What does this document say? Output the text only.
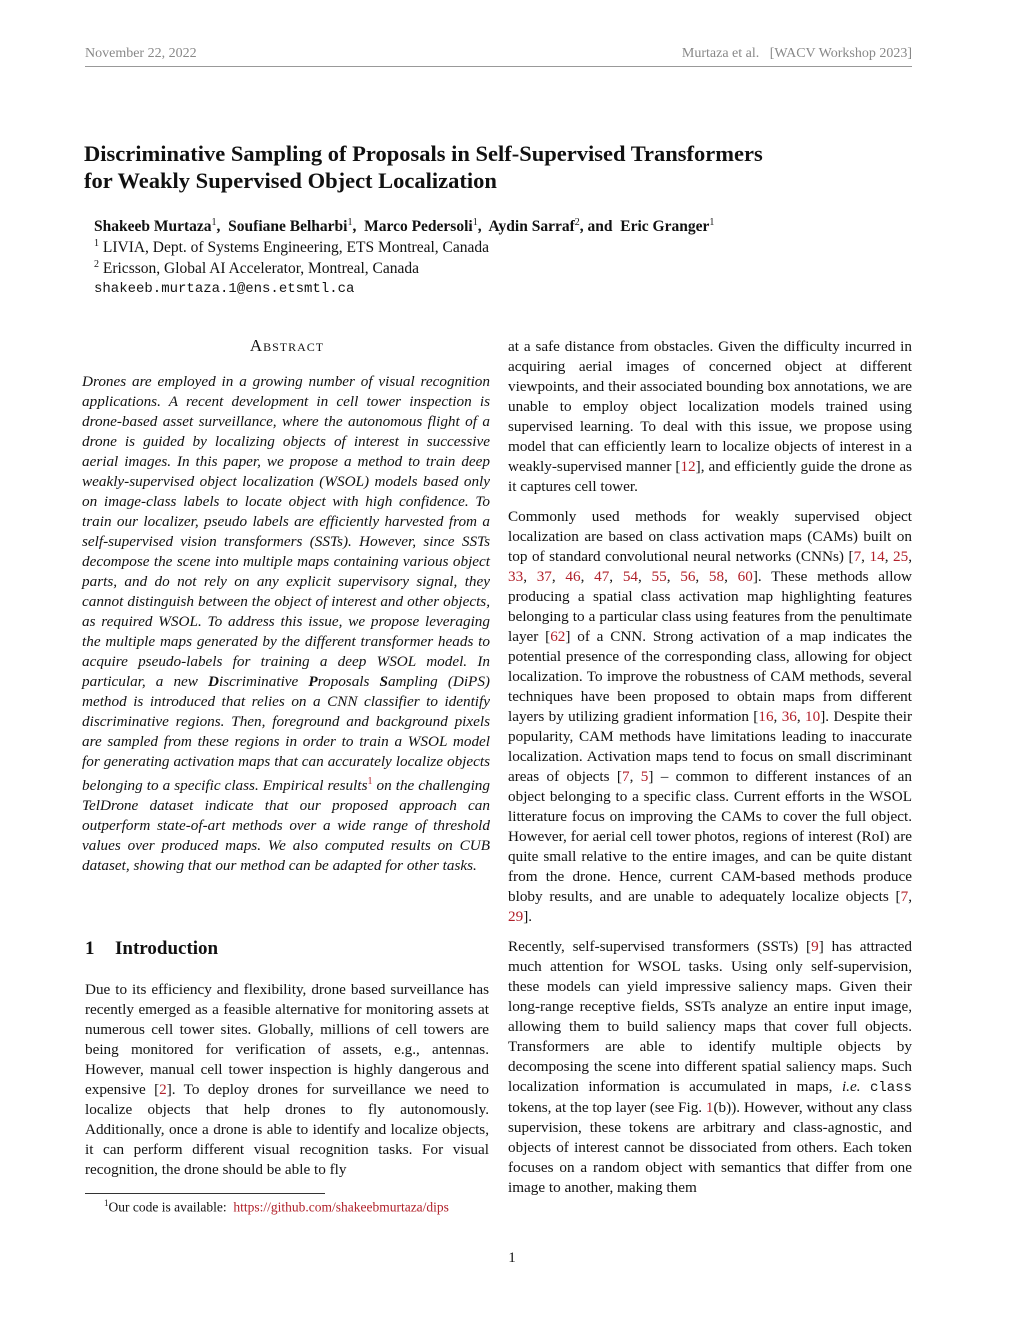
November 22, 2022	Murtaza et al.   [WACV Workshop 2023]
Discriminative Sampling of Proposals in Self-Supervised Transformers
for Weakly Supervised Object Localization
Shakeeb Murtaza$^1$,  Soufiane Belharbi$^1$,  Marco Pedersoli$^1$,  Aydin Sarraf$^2$, and  Eric Granger$^1$
$^1$ LIVIA, Dept. of Systems Engineering, ETS Montreal, Canada
$^2$ Ericsson, Global AI Accelerator, Montreal, Canada
shakeeb.murtaza.1@ens.etsmtl.ca
Abstract

Drones are employed in a growing number of visual recognition applications. A recent development in cell tower inspection is drone-based asset surveillance, where the autonomous flight of a drone is guided by localizing objects of interest in successive aerial images. In this paper, we propose a method to train deep weakly-supervised object localization (WSOL) models based only on image-class labels to locate object with high confidence. To train our localizer, pseudo labels are efficiently harvested from a self-supervised vision transformers (SSTs). However, since SSTs decompose the scene into multiple maps containing various object parts, and do not rely on any explicit supervisory signal, they cannot distinguish between the object of interest and other objects, as required WSOL. To address this issue, we propose leveraging the multiple maps generated by the different transformer heads to acquire pseudo-labels for training a deep WSOL model. In particular, a new Discriminative Proposals Sampling (DiPS) method is introduced that relies on a CNN classifier to identify discriminative regions. Then, foreground and background pixels are sampled from these regions in order to train a WSOL model for generating activation maps that can accurately localize objects belonging to a specific class. Empirical results$^1$ on the challenging TelDrone dataset indicate that our proposed approach can outperform state-of-art methods over a wide range of threshold values over produced maps. We also computed results on CUB dataset, showing that our method can be adapted for other tasks.

1 Introduction

Due to its efficiency and flexibility, drone based surveillance has recently emerged as a feasible alternative for monitoring assets at numerous cell tower sites. Globally, millions of cell towers are being monitored for verification of assets, e.g., antennas. However, manual cell tower inspection is highly dangerous and expensive [2]. To deploy drones for surveillance we need to localize objects that help drones to fly autonomously. Additionally, once a drone is able to identify and localize objects, it can perform different visual recognition tasks. For visual recognition, the drone should be able to fly

at a safe distance from obstacles. Given the difficulty incurred in acquiring aerial images of concerned object at different viewpoints, and their associated bounding box annotations, we are unable to employ object localization models trained using supervised learning. To deal with this issue, we propose using model that can efficiently learn to localize objects of interest in a weakly-supervised manner [12], and efficiently guide the drone as it captures cell tower.

Commonly used methods for weakly supervised object localization are based on class activation maps (CAMs) built on top of standard convolutional neural networks (CNNs) [7, 14, 25, 33, 37, 46, 47, 54, 55, 56, 58, 60]. These methods allow producing a spatial class activation map highlighting features belonging to a particular class using features from the penultimate layer [62] of a CNN. Strong activation of a map indicates the potential presence of the corresponding class, allowing for object localization. To improve the robustness of CAM methods, several techniques have been proposed to obtain maps from different layers by utilizing gradient information [16, 36, 10]. Despite their popularity, CAM methods have limitations leading to inaccurate localization. Activation maps tend to focus on small discriminant areas of objects [7, 5] – common to different instances of an object belonging to a specific class. Current efforts in the WSOL litterature focus on improving the CAMs to cover the full object. However, for aerial cell tower photos, regions of interest (RoI) are quite small relative to the entire images, and can be quite distant from the drone. Hence, current CAM-based methods produce bloby results, and are unable to adequately localize objects [7, 29].

Recently, self-supervised transformers (SSTs) [9] has attracted much attention for WSOL tasks. Using only self-supervision, these models can yield impressive saliency maps. Given their long-range receptive fields, SSTs analyze an entire input image, allowing them to build saliency maps that cover full objects. Transformers are able to identify multiple objects by decomposing the scene into different spatial saliency maps. Such localization information is accumulated in maps, i.e. class tokens, at the top layer (see Fig. 1(b)). However, without any class supervision, these tokens are arbitrary and class-agnostic, and objects of interest cannot be dissociated from others. Each token focuses on a random object with semantics that differ from one image to another, making them

$^1$Our code is available:  https://github.com/shakeebmurtaza/dips
1
